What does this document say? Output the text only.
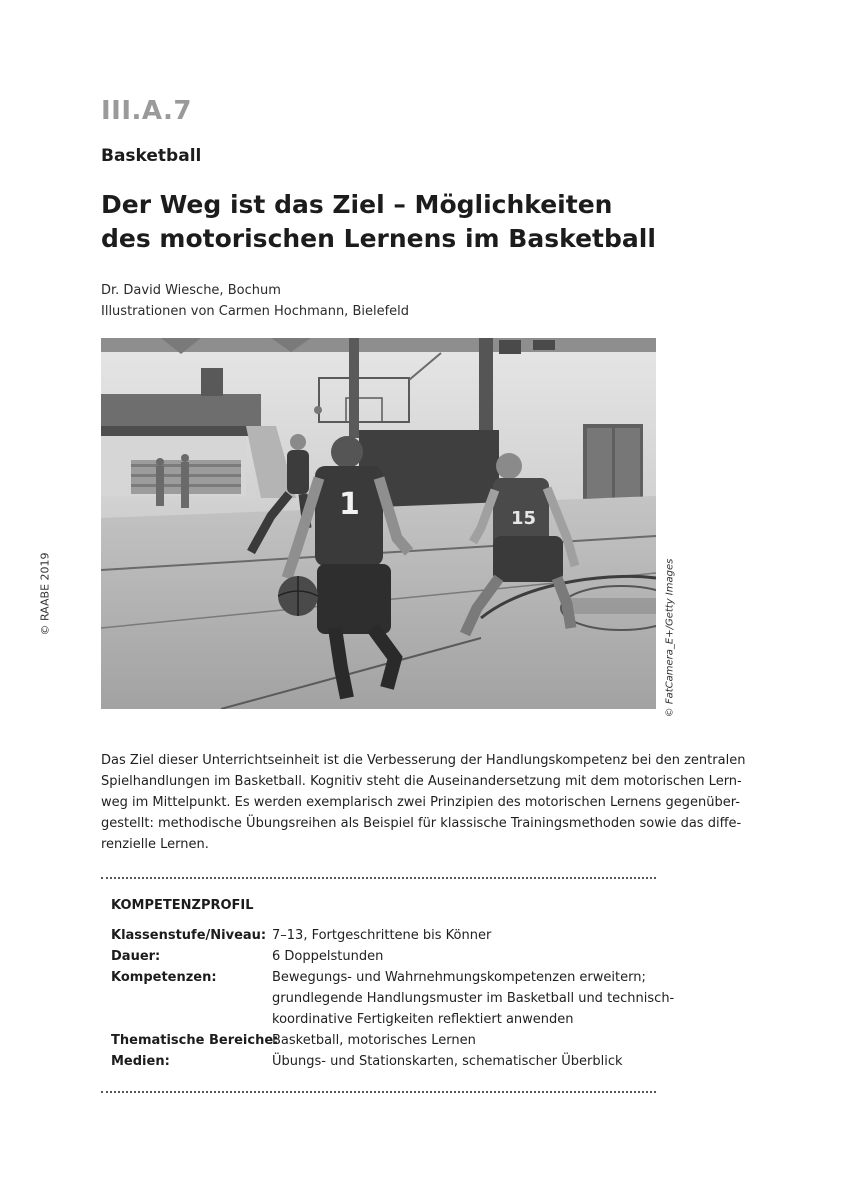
III.A.7
Basketball
Der Weg ist das Ziel – Möglichkeiten
des motorischen Lernens im Basketball
Dr. David Wiesche, Bochum
Illustrationen von Carmen Hochmann, Bielefeld
1	15
© RAABE 2019	© FatCamera_E+/Getty Images
Das Ziel dieser Unterrichtseinheit ist die Verbesserung der Handlungskompetenz bei den zentralen
Spielhandlungen im Basketball. Kognitiv steht die Auseinandersetzung mit dem motorischen Lern-
weg im Mittelpunkt. Es werden exemplarisch zwei Prinzipien des motorischen Lernens gegenüber-
gestellt: methodische Übungsreihen als Beispiel für klassische Trainingsmethoden sowie das diffe-
renzielle Lernen.
KOMPETENZPROFIL
Klassenstufe/Niveau: 7–13, Fortgeschrittene bis Könner
Dauer:	6 Doppelstunden
Kompetenzen:	Bewegungs- und Wahrnehmungskompetenzen erweitern;
grundlegende Handlungsmuster im Basketball und technisch-
koordinative Fertigkeiten reflektiert anwenden
Thematische Bereiche:
Basketball, motorisches Lernen
Medien:	Übungs- und Stationskarten, schematischer Überblick
